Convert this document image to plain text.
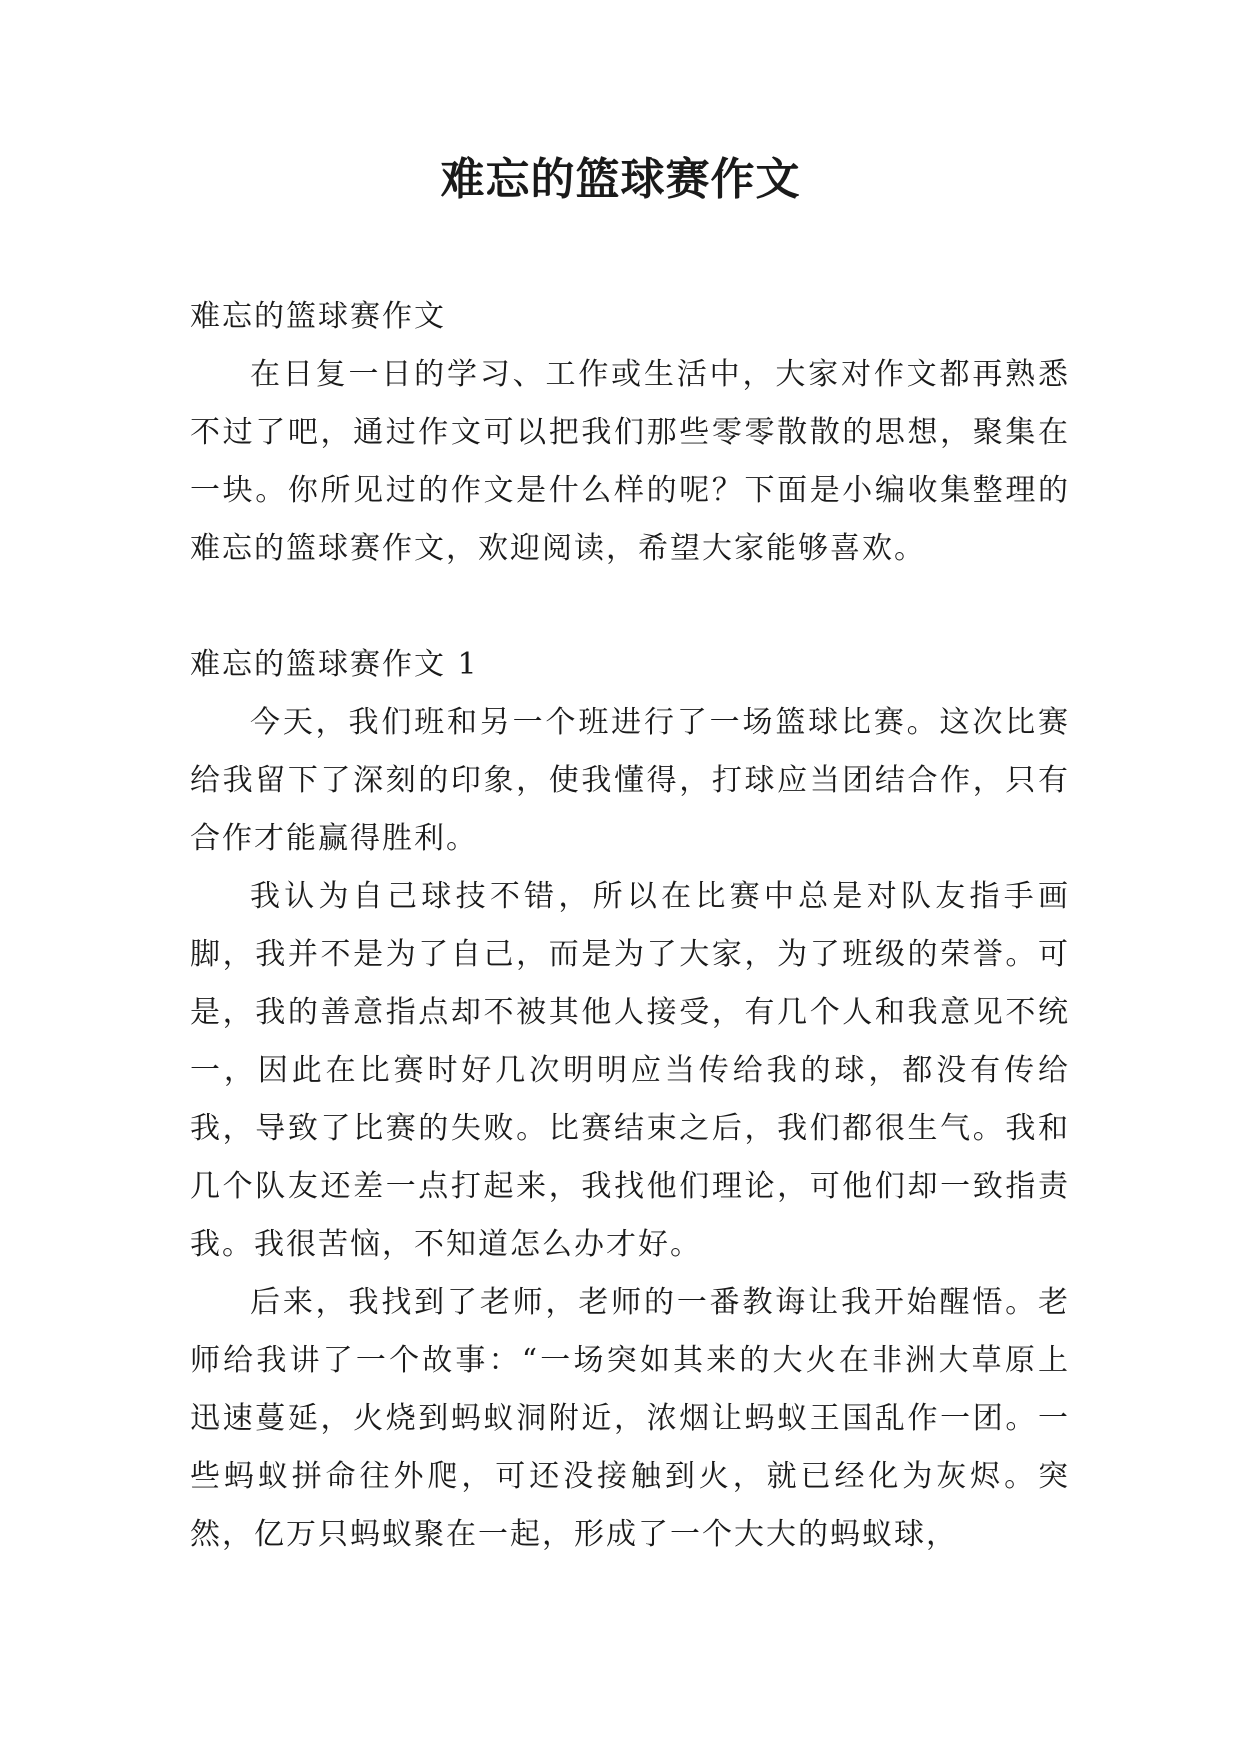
难忘的篮球赛作文
难忘的篮球赛作文

在日复一日的学习、工作或生活中，大家对作文都再熟悉不过了吧，通过作文可以把我们那些零零散散的思想，聚集在一块。你所见过的作文是什么样的呢？下面是小编收集整理的难忘的篮球赛作文，欢迎阅读，希望大家能够喜欢。

难忘的篮球赛作文 1

今天，我们班和另一个班进行了一场篮球比赛。这次比赛给我留下了深刻的印象，使我懂得，打球应当团结合作，只有合作才能赢得胜利。

我认为自己球技不错，所以在比赛中总是对队友指手画脚，我并不是为了自己，而是为了大家，为了班级的荣誉。可是，我的善意指点却不被其他人接受，有几个人和我意见不统一，因此在比赛时好几次明明应当传给我的球，都没有传给我，导致了比赛的失败。比赛结束之后，我们都很生气。我和几个队友还差一点打起来，我找他们理论，可他们却一致指责我。我很苦恼，不知道怎么办才好。

后来，我找到了老师，老师的一番教诲让我开始醒悟。老师给我讲了一个故事：“一场突如其来的大火在非洲大草原上迅速蔓延，火烧到蚂蚁洞附近，浓烟让蚂蚁王国乱作一团。一些蚂蚁拼命往外爬，可还没接触到火，就已经化为灰烬。突然，亿万只蚂蚁聚在一起，形成了一个大大的蚂蚁球，
